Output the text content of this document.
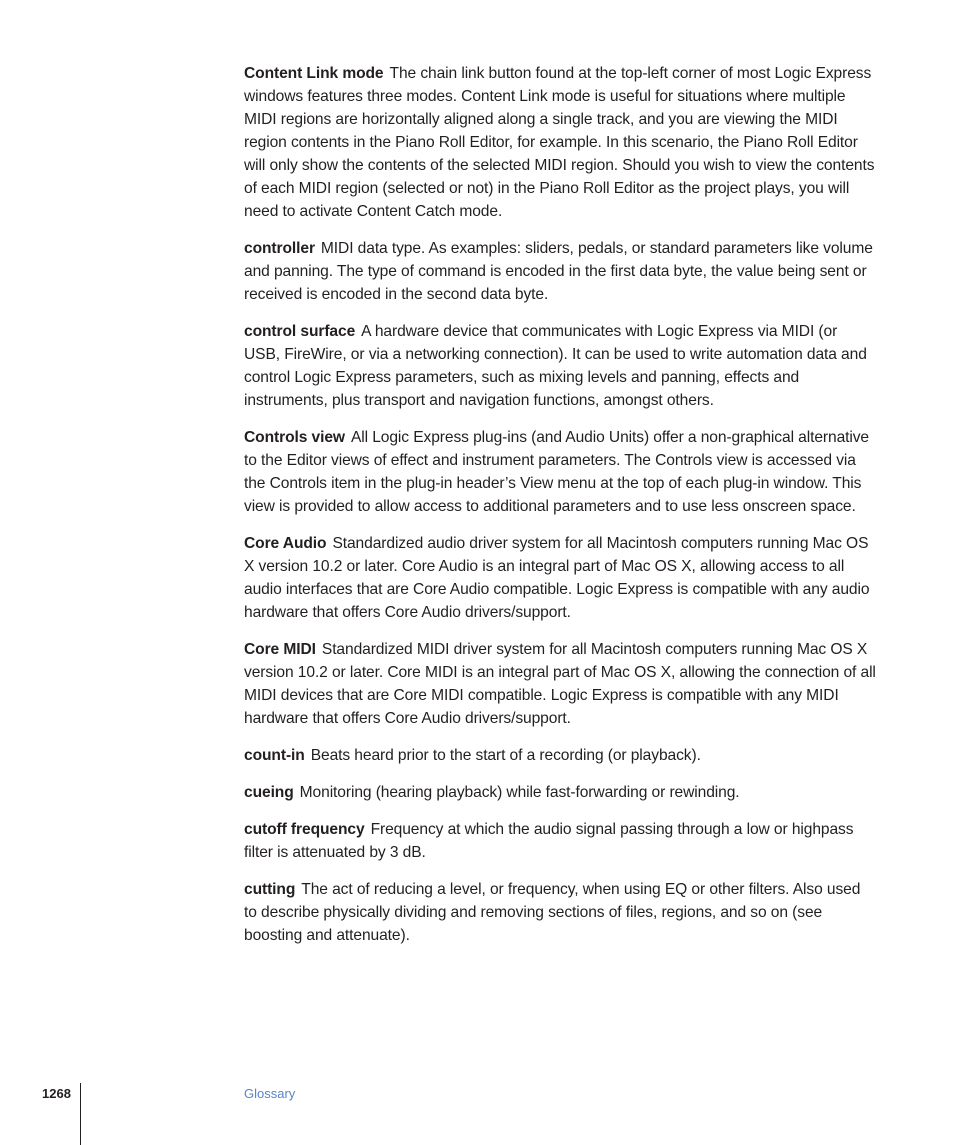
Content Link mode The chain link button found at the top-left corner of most Logic Express windows features three modes. Content Link mode is useful for situations where multiple MIDI regions are horizontally aligned along a single track, and you are viewing the MIDI region contents in the Piano Roll Editor, for example. In this scenario, the Piano Roll Editor will only show the contents of the selected MIDI region. Should you wish to view the contents of each MIDI region (selected or not) in the Piano Roll Editor as the project plays, you will need to activate Content Catch mode.

controller MIDI data type. As examples: sliders, pedals, or standard parameters like volume and panning. The type of command is encoded in the first data byte, the value being sent or received is encoded in the second data byte.

control surface A hardware device that communicates with Logic Express via MIDI (or USB, FireWire, or via a networking connection). It can be used to write automation data and control Logic Express parameters, such as mixing levels and panning, effects and instruments, plus transport and navigation functions, amongst others.

Controls view All Logic Express plug-ins (and Audio Units) offer a non-graphical alternative to the Editor views of effect and instrument parameters. The Controls view is accessed via the Controls item in the plug-in header’s View menu at the top of each plug-in window. This view is provided to allow access to additional parameters and to use less onscreen space.

Core Audio Standardized audio driver system for all Macintosh computers running Mac OS X version 10.2 or later. Core Audio is an integral part of Mac OS X, allowing access to all audio interfaces that are Core Audio compatible. Logic Express is compatible with any audio hardware that offers Core Audio drivers/support.

Core MIDI Standardized MIDI driver system for all Macintosh computers running Mac OS X version 10.2 or later. Core MIDI is an integral part of Mac OS X, allowing the connection of all MIDI devices that are Core MIDI compatible. Logic Express is compatible with any MIDI hardware that offers Core Audio drivers/support.

count-in Beats heard prior to the start of a recording (or playback).

cueing Monitoring (hearing playback) while fast-forwarding or rewinding.

cutoff frequency Frequency at which the audio signal passing through a low or highpass filter is attenuated by 3 dB.

cutting The act of reducing a level, or frequency, when using EQ or other filters. Also used to describe physically dividing and removing sections of files, regions, and so on (see boosting and attenuate).

1268	Glossary
